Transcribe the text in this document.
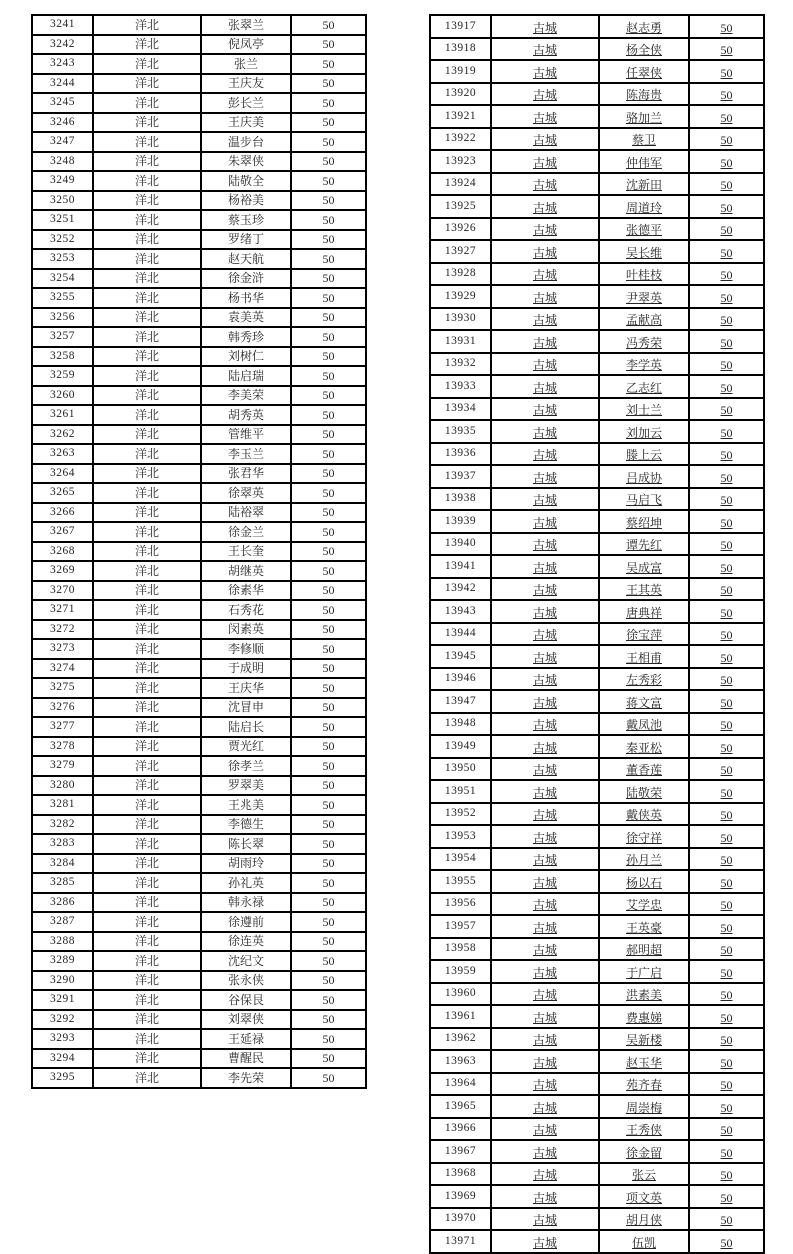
3241	洋北	张翠兰	50
3242	洋北	倪凤亭	50
3243	洋北	张兰	50
3244	洋北	王庆友	50
3245	洋北	彭长兰	50
3246	洋北	王庆美	50
3247	洋北	温步台	50
3248	洋北	朱翠侠	50
3249	洋北	陆敬全	50
3250	洋北	杨裕美	50
3251	洋北	蔡玉珍	50
3252	洋北	罗绪丁	50
3253	洋北	赵天航	50
3254	洋北	徐金浒	50
3255	洋北	杨书华	50
3256	洋北	袁美英	50
3257	洋北	韩秀珍	50
3258	洋北	刘树仁	50
3259	洋北	陆启瑞	50
3260	洋北	李美荣	50
3261	洋北	胡秀英	50
3262	洋北	管维平	50
3263	洋北	李玉兰	50
3264	洋北	张君华	50
3265	洋北	徐翠英	50
3266	洋北	陆裕翠	50
3267	洋北	徐金兰	50
3268	洋北	王长奎	50
3269	洋北	胡继英	50
3270	洋北	徐素华	50
3271	洋北	石秀花	50
3272	洋北	闵素英	50
3273	洋北	李修顺	50
3274	洋北	于成明	50
3275	洋北	王庆华	50
3276	洋北	沈冒申	50
3277	洋北	陆启长	50
3278	洋北	贾光红	50
3279	洋北	徐孝兰	50
3280	洋北	罗翠美	50
3281	洋北	王兆美	50
3282	洋北	李德生	50
3283	洋北	陈长翠	50
3284	洋北	胡雨玲	50
3285	洋北	孙礼英	50
3286	洋北	韩永禄	50
3287	洋北	徐遵前	50
3288	洋北	徐连英	50
3289	洋北	沈纪文	50
3290	洋北	张永侠	50
3291	洋北	谷保艮	50
3292	洋北	刘翠侠	50
3293	洋北	王延禄	50
3294	洋北	曹醒民	50
3295	洋北	李先荣	50
13917	古城	赵志勇	50
13918	古城	杨全侠	50
13919	古城	任翠侠	50
13920	古城	陈海贵	50
13921	古城	骆加兰	50
13922	古城	蔡卫	50
13923	古城	仲伟军	50
13924	古城	沈新田	50
13925	古城	周道玲	50
13926	古城	张德平	50
13927	古城	吴长维	50
13928	古城	叶桂枝	50
13929	古城	尹翠英	50
13930	古城	孟献高	50
13931	古城	冯秀荣	50
13932	古城	李学英	50
13933	古城	乙志红	50
13934	古城	刘士兰	50
13935	古城	刘加云	50
13936	古城	滕上云	50
13937	古城	吕成协	50
13938	古城	马启飞	50
13939	古城	蔡绍坤	50
13940	古城	谭先红	50
13941	古城	吴成富	50
13942	古城	王其英	50
13943	古城	唐典祥	50
13944	古城	徐宝萍	50
13945	古城	王相甫	50
13946	古城	左秀彩	50
13947	古城	蒋文富	50
13948	古城	戴凤池	50
13949	古城	秦亚松	50
13950	古城	董香莲	50
13951	古城	陆敬荣	50
13952	古城	戴侠英	50
13953	古城	徐守祥	50
13954	古城	孙月兰	50
13955	古城	杨以石	50
13956	古城	艾学忠	50
13957	古城	王英豪	50
13958	古城	郝明超	50
13959	古城	于广启	50
13960	古城	洪素美	50
13961	古城	费惠娣	50
13962	古城	吴新楼	50
13963	古城	赵玉华	50
13964	古城	苑齐春	50
13965	古城	周崇梅	50
13966	古城	王秀侠	50
13967	古城	徐金留	50
13968	古城	张云	50
13969	古城	项文英	50
13970	古城	胡月侠	50
13971	古城	伍凯	50
